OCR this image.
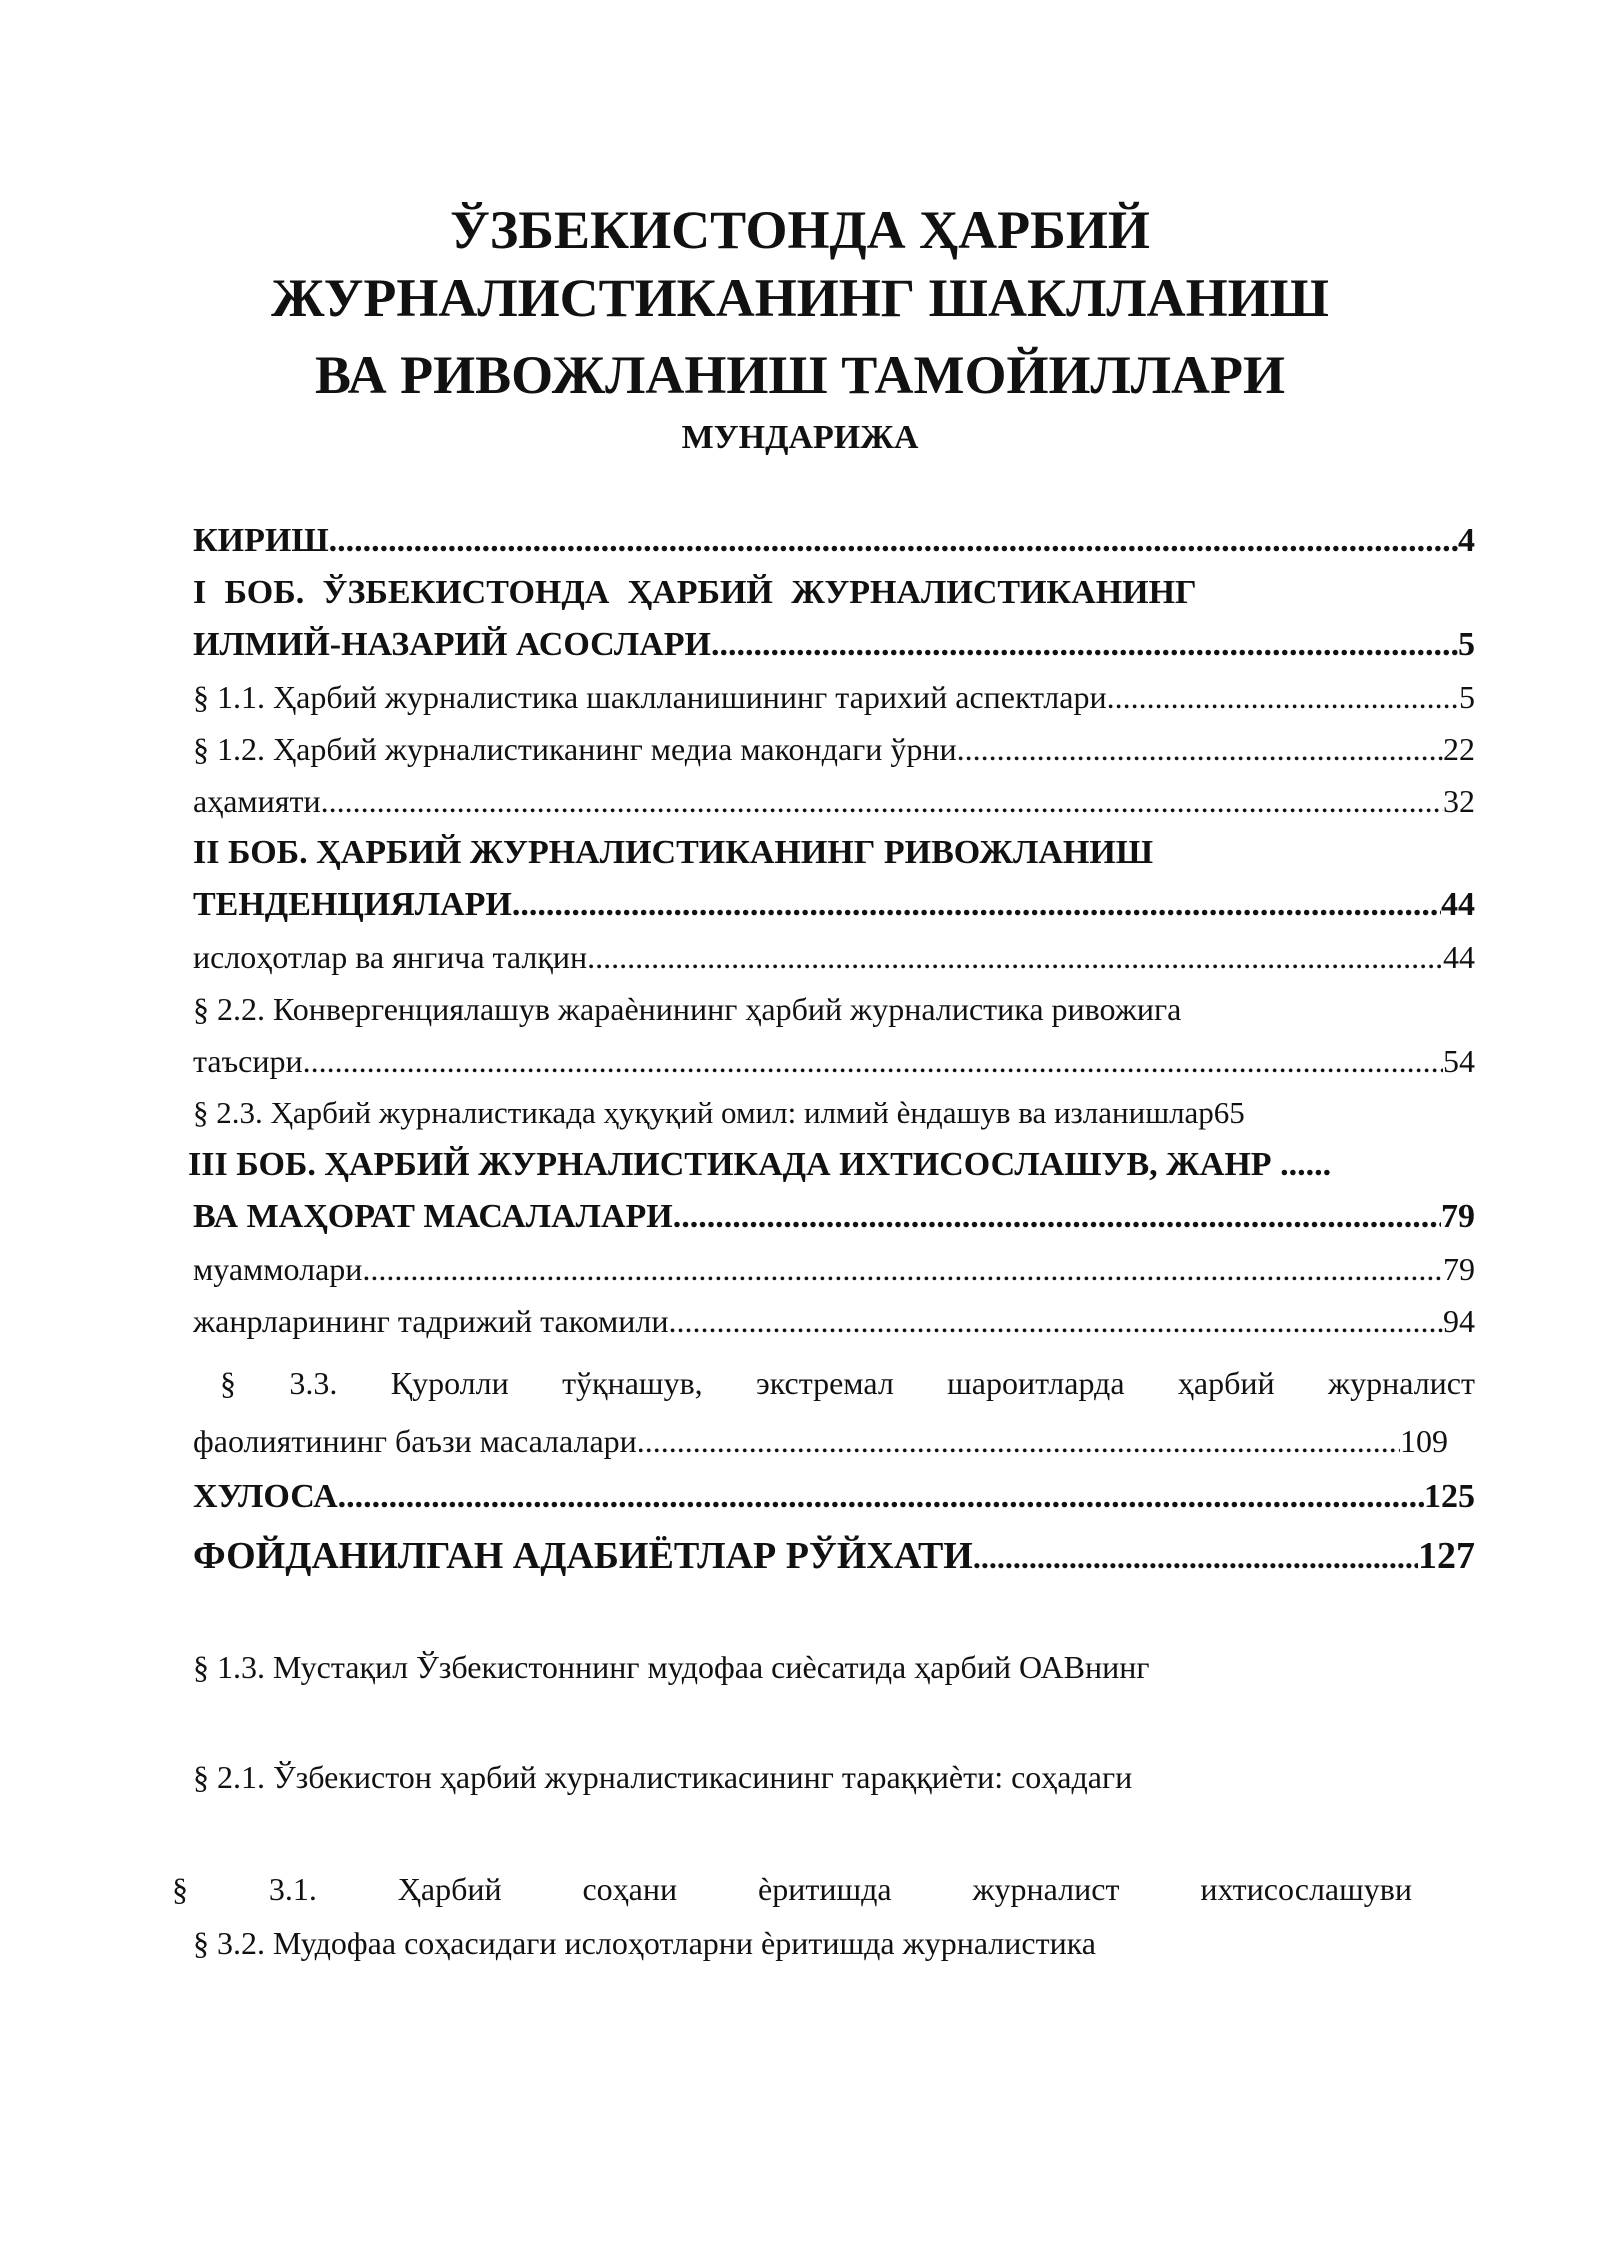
ЎЗБЕКИСТОНДА ҲАРБИЙ
ЖУРНАЛИСТИКАНИНГ ШАКЛЛАНИШ
ВА РИВОЖЛАНИШ ТАМОЙИЛЛАРИ
МУНДАРИЖА
КИРИШ .....	4
I БОБ. ЎЗБЕКИСТОНДА ҲАРБИЙ ЖУРНАЛИСТИКАНИНГ
ИЛМИЙ-НАЗАРИЙ АСОСЛАРИ .....	5
§ 1.1. Ҳарбий журналистика шаклланишининг тарихий аспектлари .....	5
§ 1.2. Ҳарбий журналистиканинг медиа макондаги ўрни .....	22
аҳамияти .....	32
II БОБ. ҲАРБИЙ ЖУРНАЛИСТИКАНИНГ РИВОЖЛАНИШ
ТЕНДЕНЦИЯЛАРИ .....	44
ислоҳотлар ва янгича талқин .....	44
§ 2.2. Конвергенциялашув жараѐнининг ҳарбий журналистика ривожига
таъсири .....	54
§ 2.3. Ҳарбий журналистикада ҳуқуқий омил: илмий ѐндашув ва изланишлар65
III БОБ. ҲАРБИЙ ЖУРНАЛИСТИКАДА ИХТИСОСЛАШУВ, ЖАНР ......
ВА МАҲОРАТ МАСАЛАЛАРИ .....	79
муаммолари .....	79
жанрларининг тадрижий такомили .....	94
§ 3.3. Қуролли тўқнашув, экстремал шароитларда ҳарбий журналист
фаолиятининг баъзи масалалари .....	109
ХУЛОСА .....	125
ФОЙДАНИЛГАН АДАБИЁТЛАР РЎЙХАТИ .....	127
§ 1.3. Мустақил Ўзбекистоннинг мудофаа сиѐсатида ҳарбий ОАВнинг
§ 2.1. Ўзбекистон ҳарбий журналистикасининг тараққиѐти: соҳадаги
§	3.1.	Ҳарбий	соҳани	ѐритишда	журналист	ихтисослашуви
§ 3.2. Мудофаа соҳасидаги ислоҳотларни ѐритишда журналистика
